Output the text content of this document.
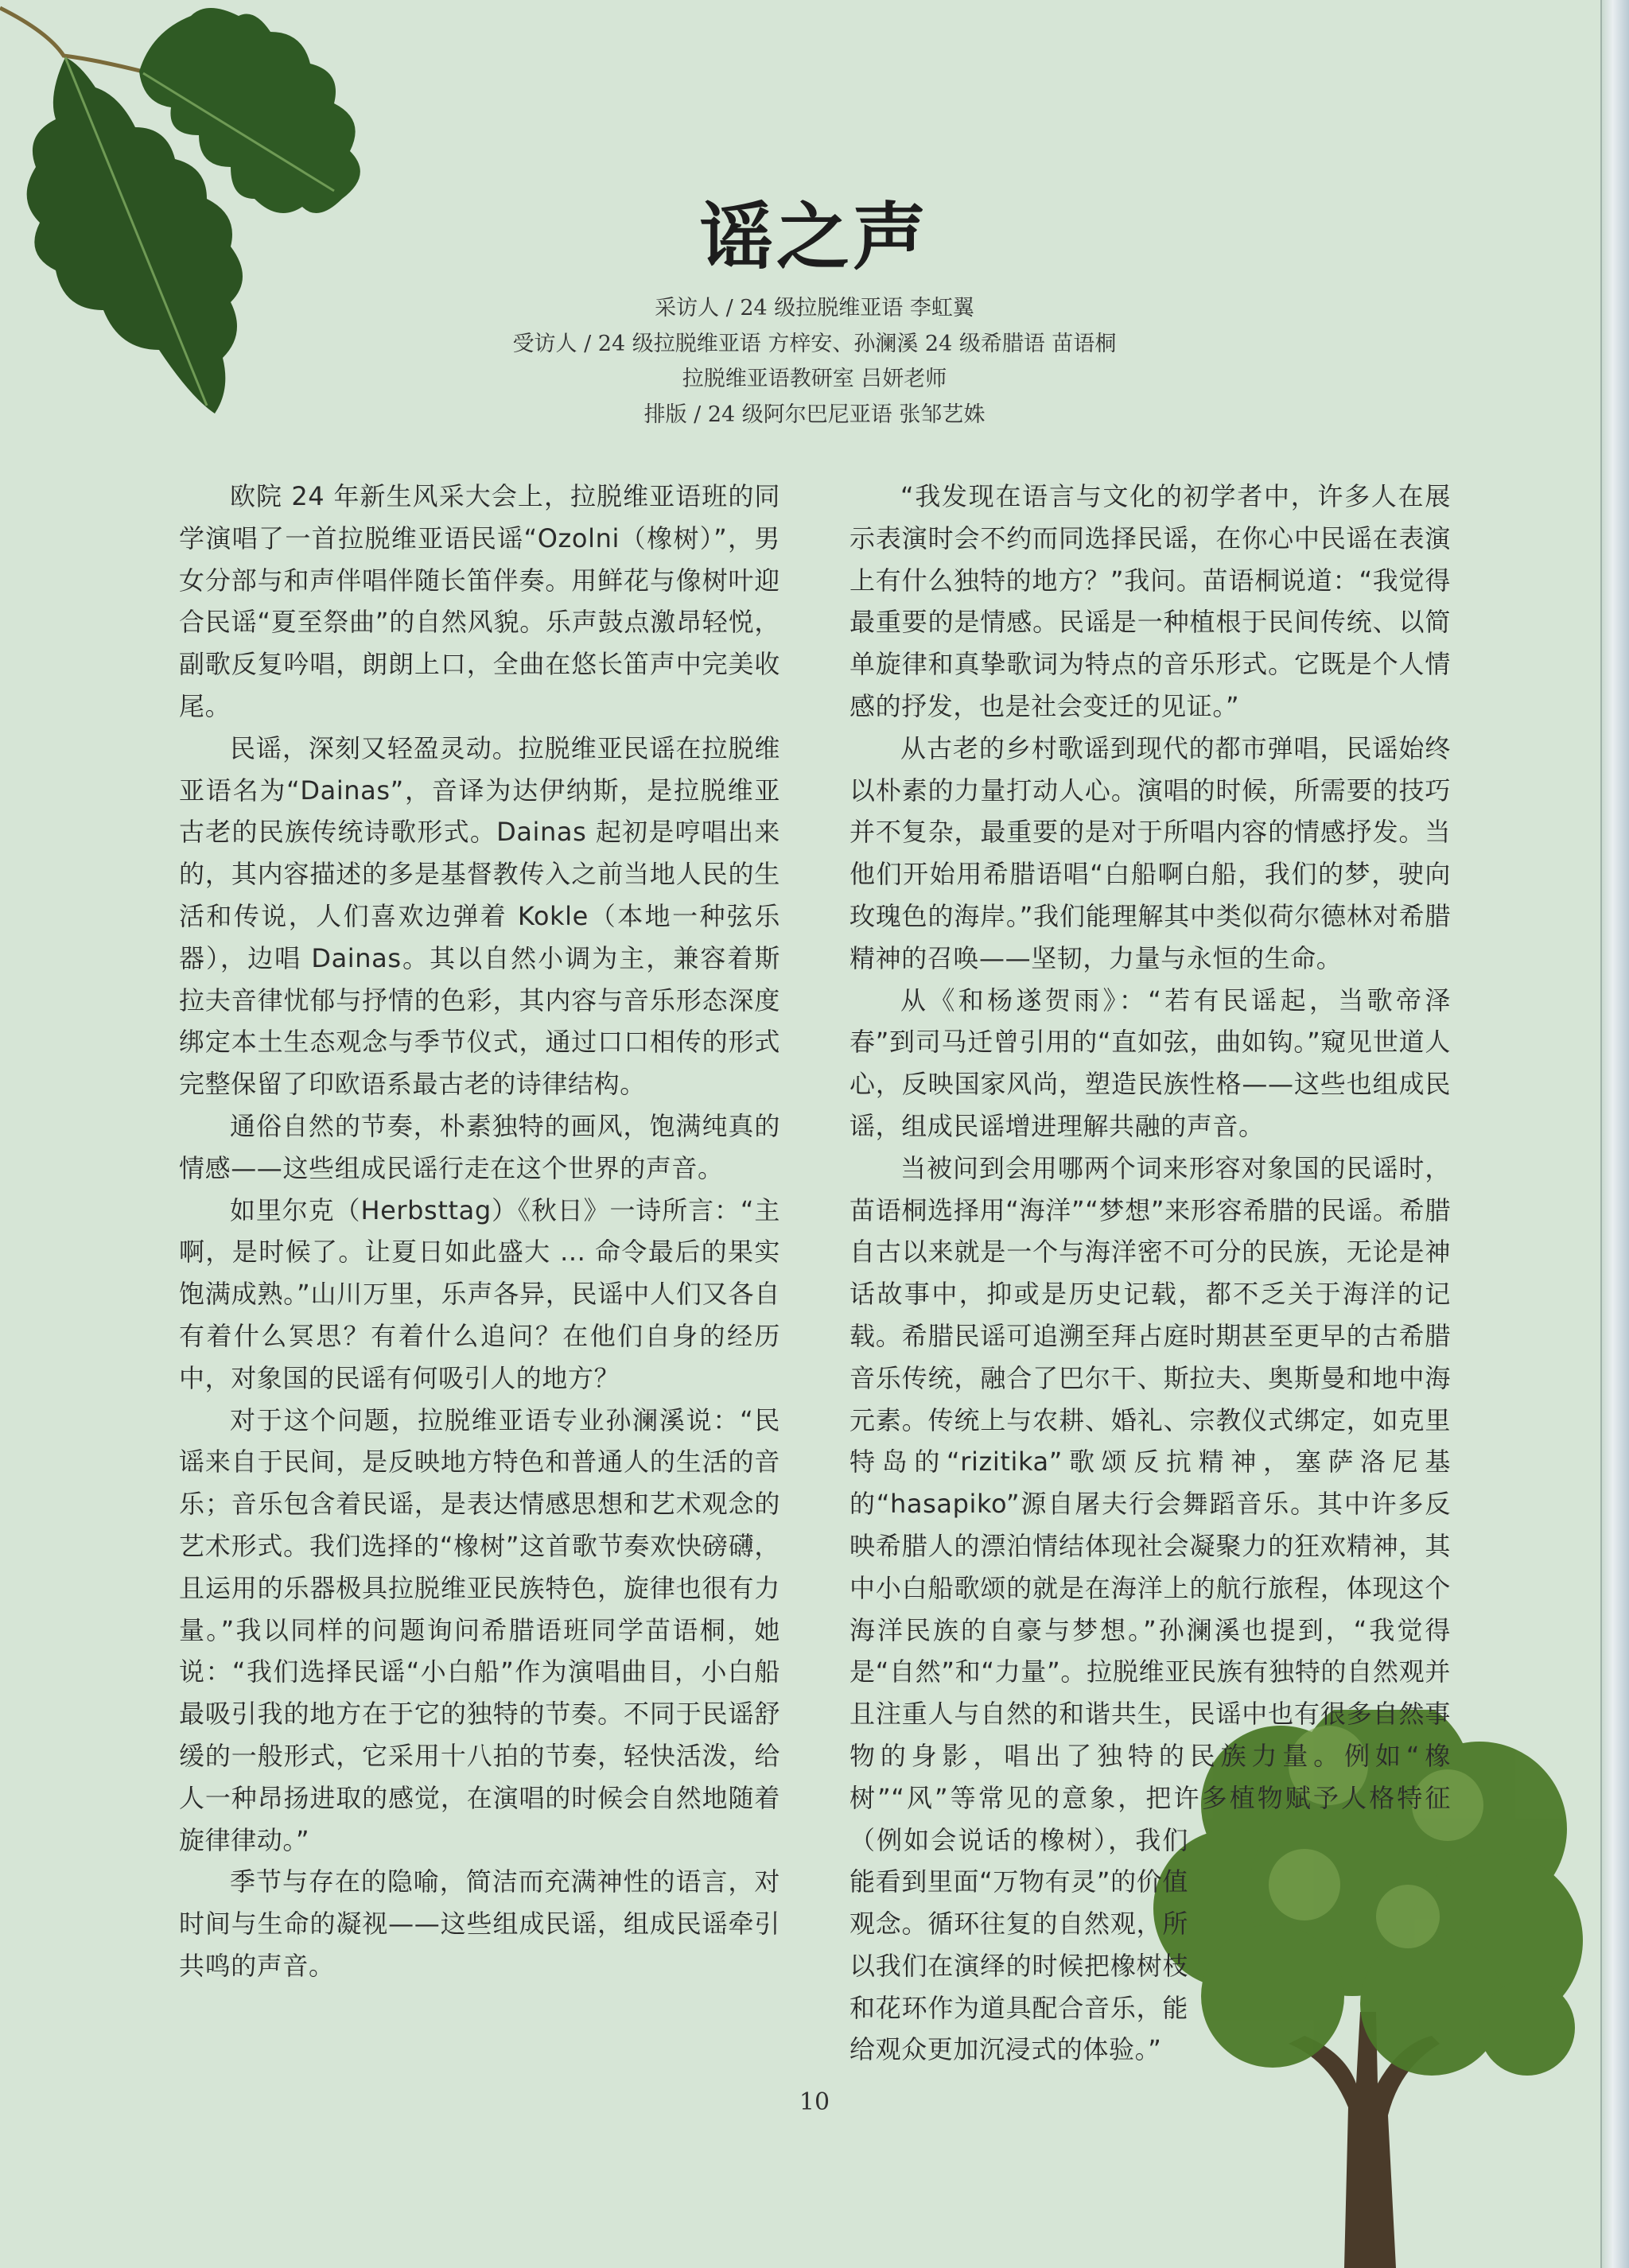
谣之声
采访人 / 24 级拉脱维亚语 李虹翼
受访人 / 24 级拉脱维亚语 方梓安、孙澜溪 24 级希腊语 苗语桐
拉脱维亚语教研室 吕妍老师
排版 / 24 级阿尔巴尼亚语 张邹艺姝

欧院 24 年新生风采大会上，拉脱维亚语班的同学演唱了一首拉脱维亚语民谣“Ozolni（橡树）”，男女分部与和声伴唱伴随长笛伴奏。用鲜花与像树叶迎合民谣“夏至祭曲”的自然风貌。乐声鼓点激昂轻悦，副歌反复吟唱，朗朗上口，全曲在悠长笛声中完美收尾。

民谣，深刻又轻盈灵动。拉脱维亚民谣在拉脱维亚语名为“Dainas”，音译为达伊纳斯，是拉脱维亚古老的民族传统诗歌形式。Dainas 起初是哼唱出来的，其内容描述的多是基督教传入之前当地人民的生活和传说，人们喜欢边弹着 Kokle（本地一种弦乐器），边唱 Dainas。其以自然小调为主，兼容着斯拉夫音律忧郁与抒情的色彩，其内容与音乐形态深度绑定本土生态观念与季节仪式，通过口口相传的形式完整保留了印欧语系最古老的诗律结构。

通俗自然的节奏，朴素独特的画风，饱满纯真的情感——这些组成民谣行走在这个世界的声音。

如里尔克（Herbsttag）《秋日》一诗所言：“主啊，是时候了。让夏日如此盛大 ... 命令最后的果实饱满成熟。”山川万里，乐声各异，民谣中人们又各自有着什么冥思？有着什么追问？在他们自身的经历中，对象国的民谣有何吸引人的地方？

对于这个问题，拉脱维亚语专业孙澜溪说：“民谣来自于民间，是反映地方特色和普通人的生活的音乐；音乐包含着民谣，是表达情感思想和艺术观念的艺术形式。我们选择的“橡树”这首歌节奏欢快磅礴，且运用的乐器极具拉脱维亚民族特色，旋律也很有力量。”我以同样的问题询问希腊语班同学苗语桐，她说：“我们选择民谣“小白船”作为演唱曲目，小白船最吸引我的地方在于它的独特的节奏。不同于民谣舒缓的一般形式，它采用十八拍的节奏，轻快活泼，给人一种昂扬进取的感觉，在演唱的时候会自然地随着旋律律动。”

季节与存在的隐喻，简洁而充满神性的语言，对时间与生命的凝视——这些组成民谣，组成民谣牵引共鸣的声音。

“我发现在语言与文化的初学者中，许多人在展示表演时会不约而同选择民谣，在你心中民谣在表演上有什么独特的地方？”我问。苗语桐说道：“我觉得最重要的是情感。民谣是一种植根于民间传统、以简单旋律和真挚歌词为特点的音乐形式。它既是个人情感的抒发，也是社会变迁的见证。”

从古老的乡村歌谣到现代的都市弹唱，民谣始终以朴素的力量打动人心。演唱的时候，所需要的技巧并不复杂，最重要的是对于所唱内容的情感抒发。当他们开始用希腊语唱“白船啊白船，我们的梦，驶向玫瑰色的海岸。”我们能理解其中类似荷尔德林对希腊精神的召唤——坚韧，力量与永恒的生命。

从《和杨遂贺雨》：“若有民谣起，当歌帝泽春”到司马迁曾引用的“直如弦，曲如钩。”窥见世道人心，反映国家风尚，塑造民族性格——这些也组成民谣，组成民谣增进理解共融的声音。

当被问到会用哪两个词来形容对象国的民谣时，苗语桐选择用“海洋”“梦想”来形容希腊的民谣。希腊自古以来就是一个与海洋密不可分的民族，无论是神话故事中，抑或是历史记载，都不乏关于海洋的记载。希腊民谣可追溯至拜占庭时期甚至更早的古希腊音乐传统，融合了巴尔干、斯拉夫、奥斯曼和地中海元素。传统上与农耕、婚礼、宗教仪式绑定，如克里特岛的“rizitika”歌颂反抗精神，塞萨洛尼基的“hasapiko”源自屠夫行会舞蹈音乐。其中许多反映希腊人的漂泊情结体现社会凝聚力的狂欢精神，其中小白船歌颂的就是在海洋上的航行旅程，体现这个海洋民族的自豪与梦想。”孙澜溪也提到，“我觉得是“自然”和“力量”。拉脱维亚民族有独特的自然观并且注重人与自然的和谐共生，民谣中也有很多自然事物的身影，唱出了独特的民族力量。例如“橡树”“风”等常见的意象，把许多植物赋予人格特征（例如会说话的橡树），我们能看到里面“万物有灵”的价值观念。循环往复的自然观，所以我们在演绎的时候把橡树枝和花环作为道具配合音乐，能给观众更加沉浸式的体验。”

10
